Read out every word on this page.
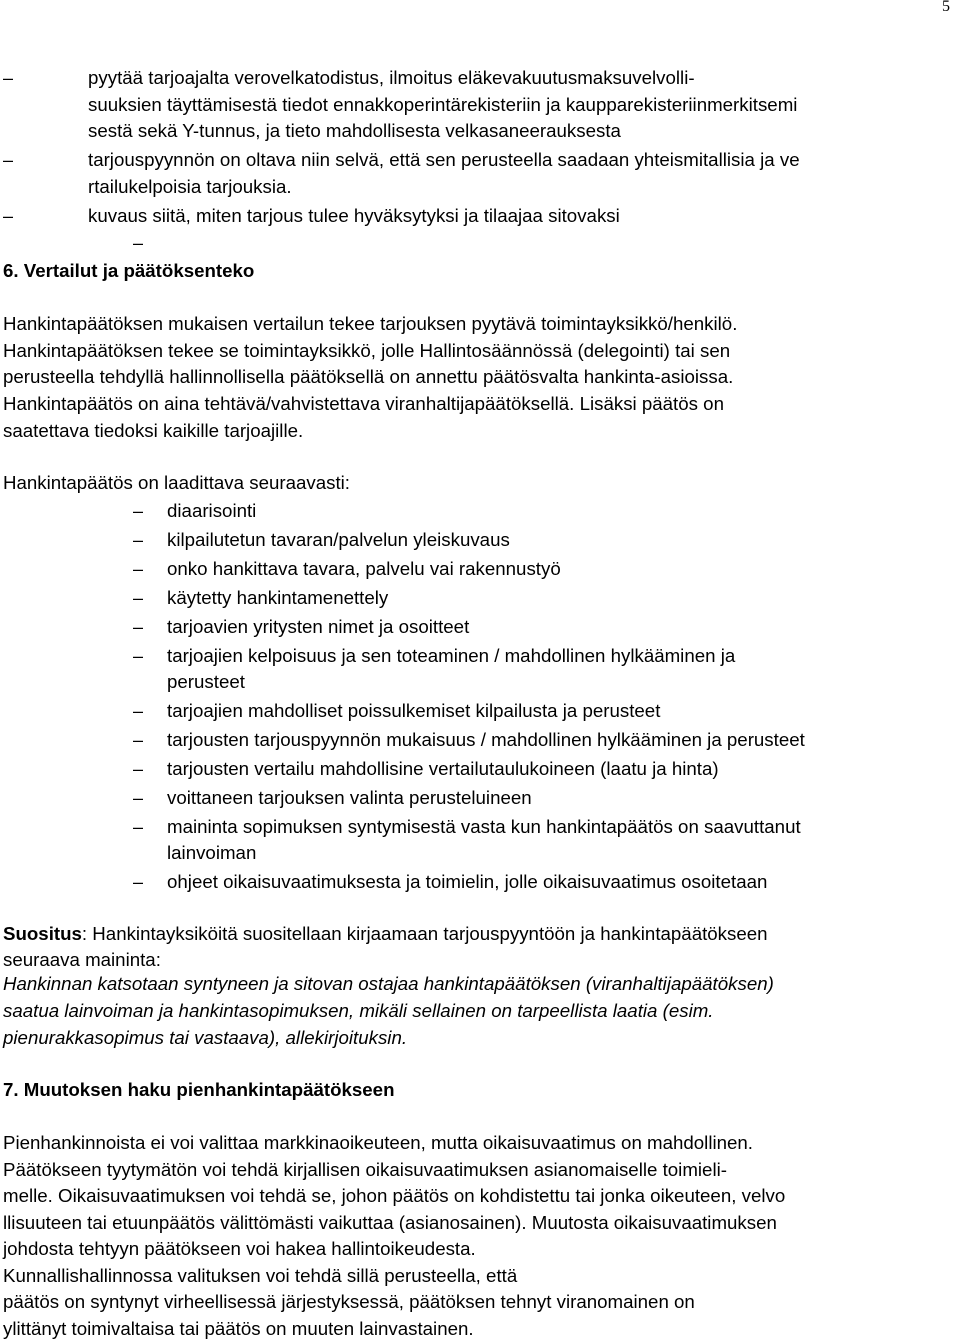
5
–	pyytää tarjoajalta verovelkatodistus, ilmoitus eläkevakuutusmaksuvelvolli-
suuksien täyttämisestä tiedot ennakkoperintärekisteriin ja kaupparekisteriinmerkitsemi
sestä sekä Y-tunnus, ja tieto mahdollisesta velkasaneerauksesta
–	tarjouspyynnön on oltava niin selvä, että sen perusteella saadaan yhteismitallisia ja ve
rtailukelpoisia tarjouksia.
–	kuvaus siitä, miten tarjous tulee hyväksytyksi ja tilaajaa sitovaksi
–
6. Vertailut ja päätöksenteko
Hankintapäätöksen mukaisen vertailun tekee tarjouksen pyytävä toimintayksikkö/henkilö.
Hankintapäätöksen tekee se toimintayksikkö, jolle Hallintosäännössä (delegointi) tai sen
perusteella tehdyllä hallinnollisella päätöksellä on annettu päätösvalta hankinta-asioissa.
Hankintapäätös on aina tehtävä/vahvistettava viranhaltijapäätöksellä. Lisäksi päätös on
saatettava tiedoksi kaikille tarjoajille.
Hankintapäätös on laadittava seuraavasti:
– diaarisointi
– kilpailutetun tavaran/palvelun yleiskuvaus
– onko hankittava tavara, palvelu vai rakennustyö
– käytetty hankintamenettely
– tarjoavien yritysten nimet ja osoitteet
– tarjoajien kelpoisuus ja sen toteaminen / mahdollinen hylkääminen ja
perusteet
– tarjoajien mahdolliset poissulkemiset kilpailusta ja perusteet
– tarjousten tarjouspyynnön mukaisuus / mahdollinen hylkääminen ja perusteet
– tarjousten vertailu mahdollisine vertailutaulukoineen (laatu ja hinta)
– voittaneen tarjouksen valinta perusteluineen
– maininta sopimuksen syntymisestä vasta kun hankintapäätös on saavuttanut
lainvoiman
– ohjeet oikaisuvaatimuksesta ja toimielin, jolle oikaisuvaatimus osoitetaan
Suositus: Hankintayksiköitä suositellaan kirjaamaan tarjouspyyntöön ja hankintapäätökseen
seuraava maininta:
Hankinnan katsotaan syntyneen ja sitovan ostajaa hankintapäätöksen (viranhaltijapäätöksen)
saatua lainvoiman ja hankintasopimuksen, mikäli sellainen on tarpeellista laatia (esim.
pienurakkasopimus tai vastaava), allekirjoituksin.
7. Muutoksen haku pienhankintapäätökseen
Pienhankinnoista ei voi valittaa markkinaoikeuteen, mutta oikaisuvaatimus on mahdollinen.
Päätökseen tyytymätön voi tehdä kirjallisen oikaisuvaatimuksen asianomaiselle toimieli-
melle. Oikaisuvaatimuksen voi tehdä se, johon päätös on kohdistettu tai jonka oikeuteen, velvo
llisuuteen tai etuunpäätös välittömästi vaikuttaa (asianosainen). Muutosta oikaisuvaatimuksen
johdosta tehtyyn päätökseen voi hakea hallintoikeudesta.
Kunnallishallinnossa valituksen voi tehdä sillä perusteella, että
päätös on syntynyt virheellisessä järjestyksessä, päätöksen tehnyt viranomainen on
ylittänyt toimivaltaisa tai päätös on muuten lainvastainen.
